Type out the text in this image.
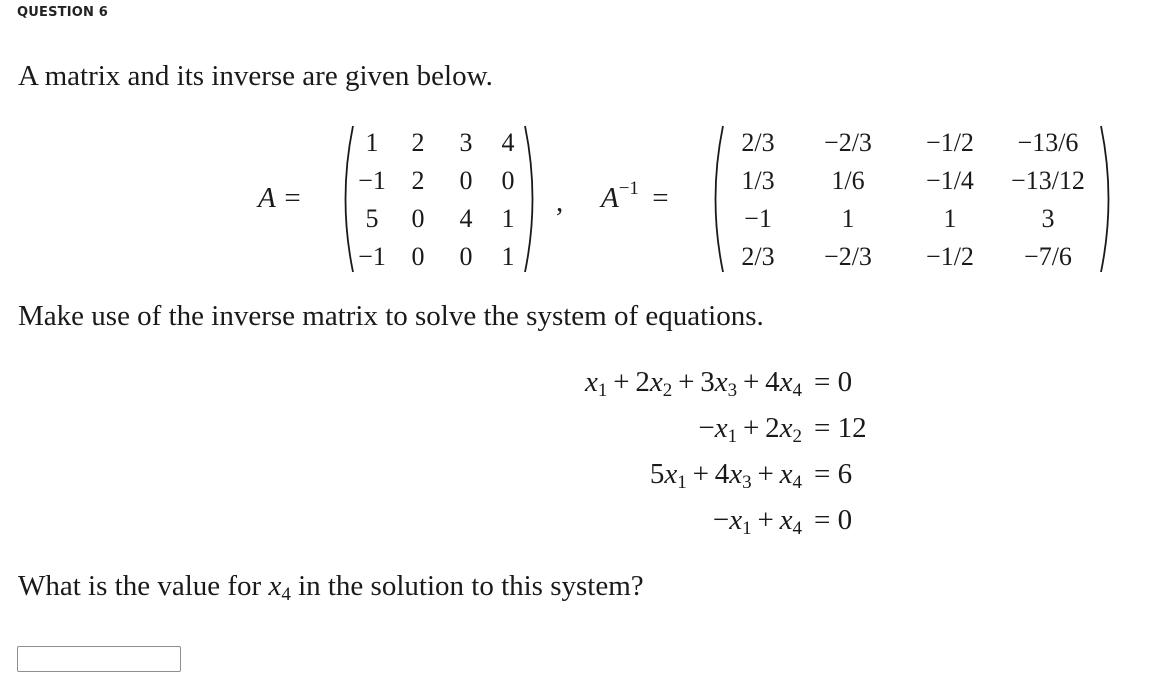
QUESTION 6
A matrix and its inverse are given below.
A =
1	2	3	4
−1	2	0	0
5	0	4	1
−1	0	0	1
, $A^{-1}$ =
2/3	−2/3	−1/2	−13/6
1/3	1/6	−1/4	−13/12
−1	1	1	3
2/3	−2/3	−1/2	−7/6
Make use of the inverse matrix to solve the system of equations.
$x_1 + 2x_2 + 3x_3 + 4x_4 = 0$
$-x_1 + 2x_2 = 12$
$5x_1 + 4x_3 + x_4 = 6$
$-x_1 + x_4 = 0$
What is the value for $x_4$ in the solution to this system?
